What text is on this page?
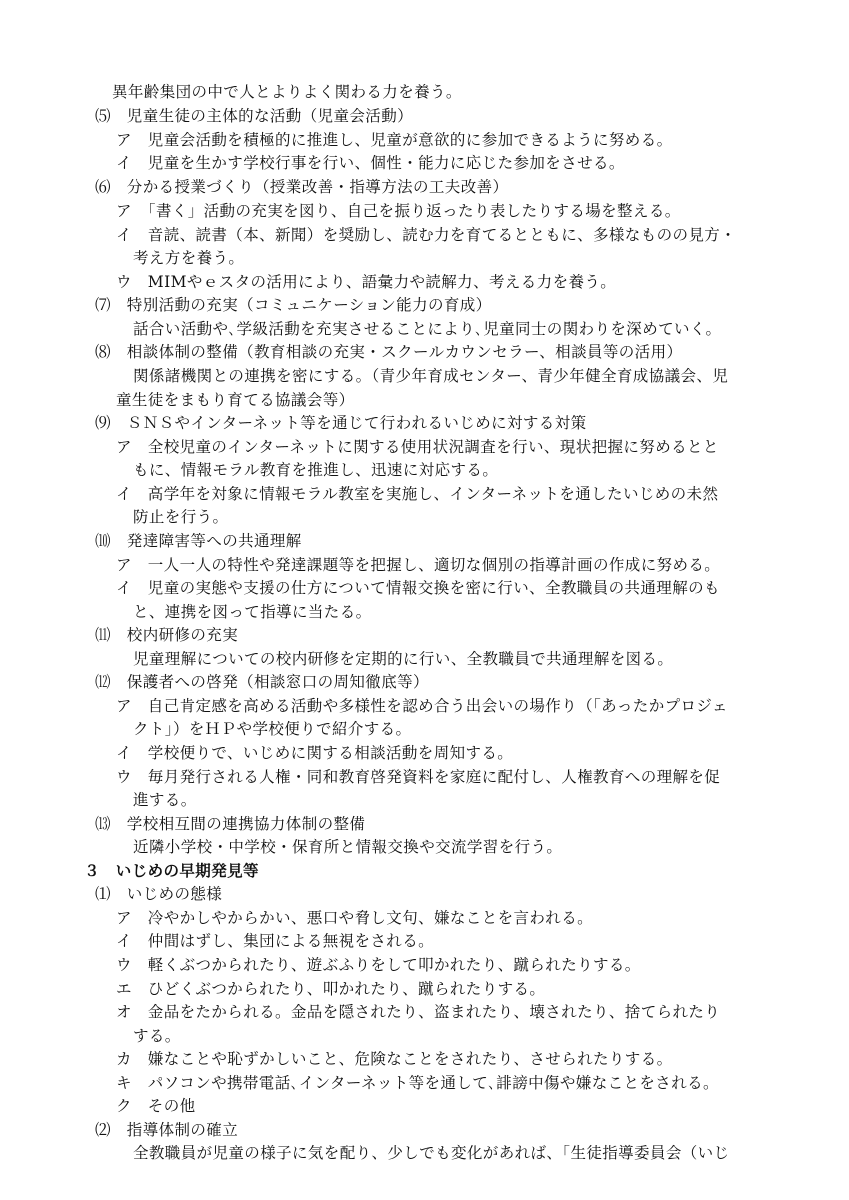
異年齢集団の中で人とよりよく関わる力を養う。
⑸　児童生徒の主体的な活動（児童会活動）
ア　児童会活動を積極的に推進し、児童が意欲的に参加できるように努める。
イ　児童を生かす学校行事を行い、個性・能力に応じた参加をさせる。
⑹　分かる授業づくり（授業改善・指導方法の工夫改善）
ア　「書く」活動の充実を図り、自己を振り返ったり表したりする場を整える。
イ　音読、読書（本、新聞）を奨励し、読む力を育てるとともに、多様なものの見方・
考え方を養う。
ウ　MIMやｅスタの活用により、語彙力や読解力、考える力を養う。
⑺　特別活動の充実（コミュニケーション能力の育成）
話合い活動や､学級活動を充実させることにより､児童同士の関わりを深めていく。
⑻　相談体制の整備（教育相談の充実・スクールカウンセラー、相談員等の活用）
関係諸機関との連携を密にする。（青少年育成センター、青少年健全育成協議会、児
童生徒をまもり育てる協議会等）
⑼　ＳＮＳやインターネット等を通じて行われるいじめに対する対策
ア　全校児童のインターネットに関する使用状況調査を行い、現状把握に努めるとと
もに、情報モラル教育を推進し、迅速に対応する。
イ　高学年を対象に情報モラル教室を実施し、インターネットを通したいじめの未然
防止を行う。
⑽　発達障害等への共通理解
ア　一人一人の特性や発達課題等を把握し、適切な個別の指導計画の作成に努める。
イ　児童の実態や支援の仕方について情報交換を密に行い、全教職員の共通理解のも
と、連携を図って指導に当たる。
⑾　校内研修の充実
児童理解についての校内研修を定期的に行い、全教職員で共通理解を図る。
⑿　保護者への啓発（相談窓口の周知徹底等）
ア　自己肯定感を高める活動や多様性を認め合う出会いの場作り（「あったかプロジェ
クト」）をＨＰや学校便りで紹介する。
イ　学校便りで、いじめに関する相談活動を周知する。
ウ　毎月発行される人権・同和教育啓発資料を家庭に配付し、人権教育への理解を促
進する。
⒀　学校相互間の連携協力体制の整備
近隣小学校・中学校・保育所と情報交換や交流学習を行う。
３　いじめの早期発見等
⑴　いじめの態様
ア　冷やかしやからかい、悪口や脅し文句、嫌なことを言われる。
イ　仲間はずし、集団による無視をされる。
ウ　軽くぶつかられたり、遊ぶふりをして叩かれたり、蹴られたりする。
エ　ひどくぶつかられたり、叩かれたり、蹴られたりする。
オ　金品をたかられる。金品を隠されたり、盗まれたり、壊されたり、捨てられたり
する。
カ　嫌なことや恥ずかしいこと、危険なことをされたり、させられたりする。
キ　パソコンや携帯電話､インターネット等を通して､誹謗中傷や嫌なことをされる。
ク　その他
⑵　指導体制の確立
全教職員が児童の様子に気を配り、少しでも変化があれば、「生徒指導委員会（いじ
